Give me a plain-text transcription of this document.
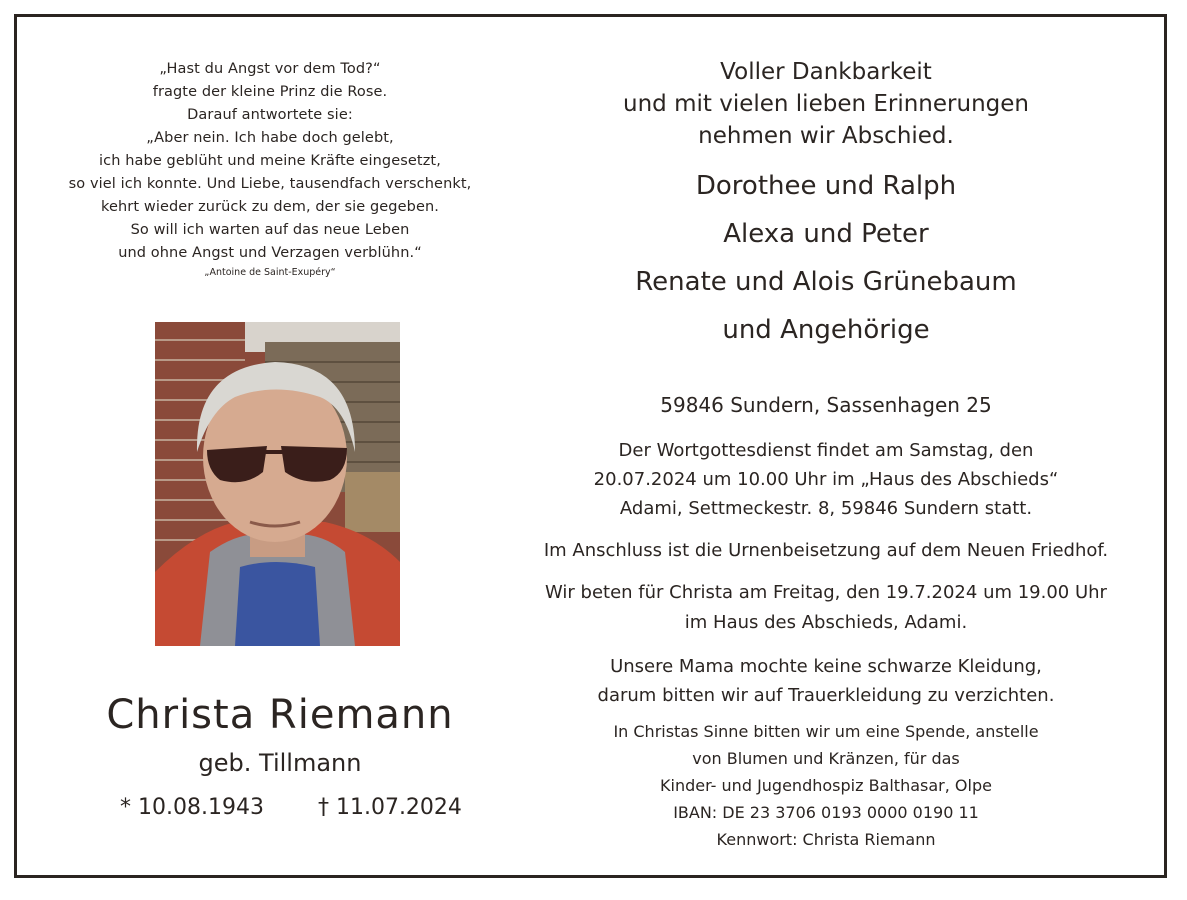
„Hast du Angst vor dem Tod?“
fragte der kleine Prinz die Rose.
Darauf antwortete sie:
„Aber nein. Ich habe doch gelebt,
ich habe geblüht und meine Kräfte eingesetzt,
so viel ich konnte. Und Liebe, tausendfach verschenkt,
kehrt wieder zurück zu dem, der sie gegeben.
So will ich warten auf das neue Leben
und ohne Angst und Verzagen verblühn.“
„Antoine de Saint-Exupéry“
Christa Riemann
geb. Tillmann
* 10.08.1943 † 11.07.2024
Voller Dankbarkeit
und mit vielen lieben Erinnerungen
nehmen wir Abschied.
Dorothee und Ralph
Alexa und Peter
Renate und Alois Grünebaum
und Angehörige
59846 Sundern, Sassenhagen 25
Der Wortgottesdienst findet am Samstag, den
20.07.2024 um 10.00 Uhr im „Haus des Abschieds“
Adami, Settmeckestr. 8, 59846 Sundern statt.
Im Anschluss ist die Urnenbeisetzung auf dem Neuen Friedhof.
Wir beten für Christa am Freitag, den 19.7.2024 um 19.00 Uhr
im Haus des Abschieds, Adami.
Unsere Mama mochte keine schwarze Kleidung,
darum bitten wir auf Trauerkleidung zu verzichten.
In Christas Sinne bitten wir um eine Spende, anstelle
von Blumen und Kränzen, für das
Kinder- und Jugendhospiz Balthasar, Olpe
IBAN: DE 23 3706 0193 0000 0190 11
Kennwort: Christa Riemann
